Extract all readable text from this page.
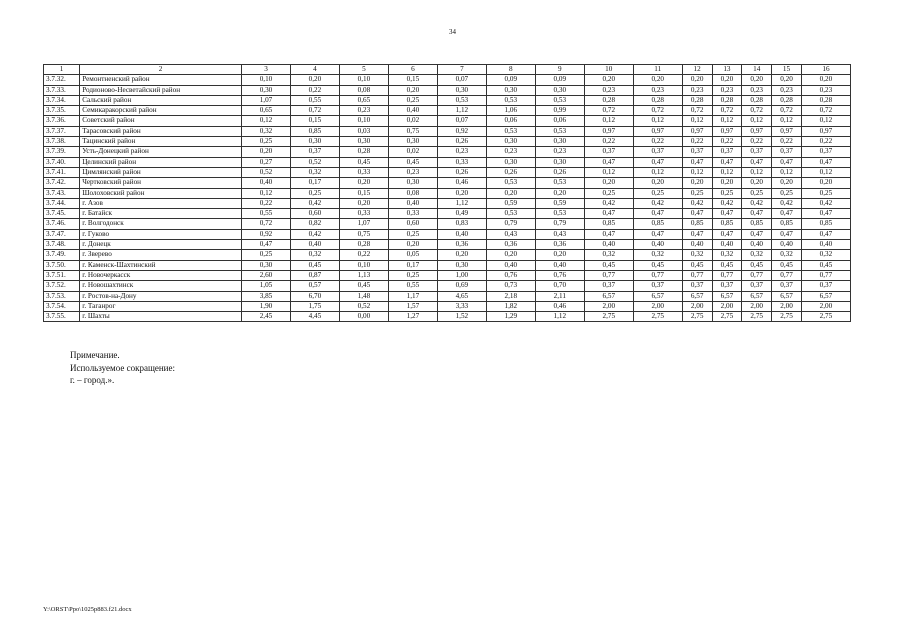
34
1	2	3	4	5	6	7	8	9	10	11	12	13	14	15	16
3.7.32.	Ремонтненский район	0,10	0,20	0,10	0,15	0,07	0,09	0,09	0,20	0,20	0,20	0,20	0,20	0,20	0,20
3.7.33.	Родионово-Несветайский район	0,30	0,22	0,08	0,20	0,30	0,30	0,30	0,23	0,23	0,23	0,23	0,23	0,23	0,23
3.7.34.	Сальский район	1,07	0,55	0,65	0,25	0,53	0,53	0,53	0,28	0,28	0,28	0,28	0,28	0,28	0,28
3.7.35.	Семикаракорский район	0,65	0,72	0,23	0,40	1,12	1,06	0,99	0,72	0,72	0,72	0,72	0,72	0,72	0,72
3.7.36.	Советский район	0,12	0,15	0,10	0,02	0,07	0,06	0,06	0,12	0,12	0,12	0,12	0,12	0,12	0,12
3.7.37.	Тарасовский район	0,32	0,85	0,03	0,75	0,92	0,53	0,53	0,97	0,97	0,97	0,97	0,97	0,97	0,97
3.7.38.	Тацинский район	0,25	0,30	0,30	0,30	0,26	0,30	0,30	0,22	0,22	0,22	0,22	0,22	0,22	0,22
3.7.39.	Усть-Донецкий район	0,20	0,37	0,28	0,02	0,23	0,23	0,23	0,37	0,37	0,37	0,37	0,37	0,37	0,37
3.7.40.	Целинский район	0,27	0,52	0,45	0,45	0,33	0,30	0,30	0,47	0,47	0,47	0,47	0,47	0,47	0,47
3.7.41.	Цимлянский район	0,52	0,32	0,33	0,23	0,26	0,26	0,26	0,12	0,12	0,12	0,12	0,12	0,12	0,12
3.7.42.	Чертковский район	0,40	0,17	0,20	0,30	0,46	0,53	0,53	0,20	0,20	0,20	0,20	0,20	0,20	0,20
3.7.43.	Шолоховский район	0,12	0,25	0,15	0,08	0,20	0,20	0,20	0,25	0,25	0,25	0,25	0,25	0,25	0,25
3.7.44.	г. Азов	0,22	0,42	0,20	0,40	1,12	0,59	0,59	0,42	0,42	0,42	0,42	0,42	0,42	0,42
3.7.45.	г. Батайск	0,55	0,60	0,33	0,33	0,49	0,53	0,53	0,47	0,47	0,47	0,47	0,47	0,47	0,47
3.7.46.	г. Волгодонск	0,72	0,82	1,07	0,60	0,83	0,79	0,79	0,85	0,85	0,85	0,85	0,85	0,85	0,85
3.7.47.	г. Гуково	0,92	0,42	0,75	0,25	0,40	0,43	0,43	0,47	0,47	0,47	0,47	0,47	0,47	0,47
3.7.48.	г. Донецк	0,47	0,40	0,28	0,20	0,36	0,36	0,36	0,40	0,40	0,40	0,40	0,40	0,40	0,40
3.7.49.	г. Зверево	0,25	0,32	0,22	0,05	0,20	0,20	0,20	0,32	0,32	0,32	0,32	0,32	0,32	0,32
3.7.50.	г. Каменск-Шахтинский	0,30	0,45	0,10	0,17	0,30	0,40	0,40	0,45	0,45	0,45	0,45	0,45	0,45	0,45
3.7.51.	г. Новочеркасск	2,60	0,87	1,13	0,25	1,00	0,76	0,76	0,77	0,77	0,77	0,77	0,77	0,77	0,77
3.7.52.	г. Новошахтинск	1,05	0,57	0,45	0,55	0,69	0,73	0,70	0,37	0,37	0,37	0,37	0,37	0,37	0,37
3.7.53.	г. Ростов-на-Дону	3,85	6,70	1,48	1,17	4,65	2,18	2,11	6,57	6,57	6,57	6,57	6,57	6,57	6,57
3.7.54.	г. Таганрог	1,90	1,75	0,52	1,57	3,33	1,82	0,46	2,00	2,00	2,00	2,00	2,00	2,00	2,00
3.7.55.	г. Шахты	2,45	4,45	0,00	1,27	1,52	1,29	1,12	2,75	2,75	2,75	2,75	2,75	2,75	2,75
Примечание.
Используемое сокращение:
г. – город.».
Y:\ORST\Ppo\1025p883.f21.docx
